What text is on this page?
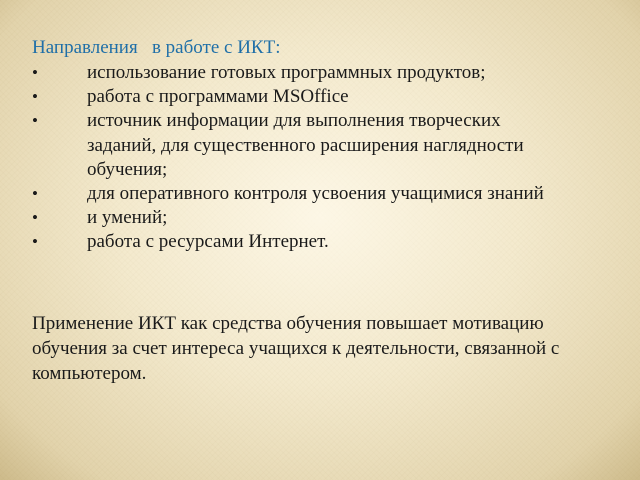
Направления   в работе с ИКТ:
•	использование готовых программных продуктов;
•	работа с программами MSOffice
•	источник информации для выполнения творческих
заданий, для существенного расширения наглядности
обучения;
•	для оперативного контроля усвоения учащимися знаний
•	и умений;
•	работа с ресурсами Интернет.

Применение ИКТ как средства обучения повышает мотивацию обучения за счет интереса учащихся к деятельности, связанной с компьютером.
